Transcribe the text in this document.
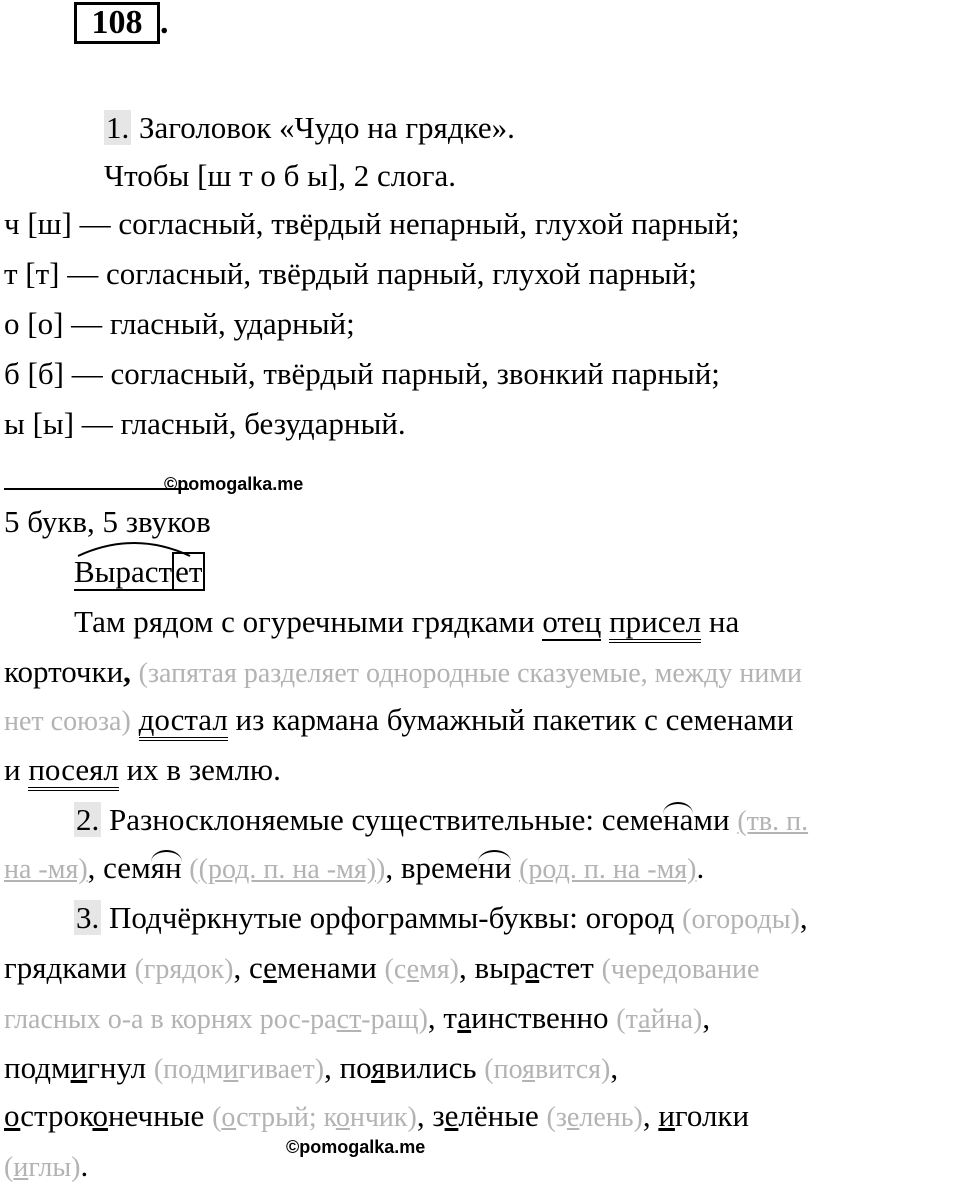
108 .
1. Заголовок «Чудо на грядке».
Чтобы [ш т о б ы], 2 слога.
ч [ш] — согласный, твёрдый непарный, глухой парный;
т [т] — согласный, твёрдый парный, глухой парный;
о [о] — гласный, ударный;
б [б] — согласный, твёрдый парный, звонкий парный;
ы [ы] — гласный, безударный.
©pomogalka.me
5 букв, 5 звуков
Вырастет
Там рядом с огуречными грядками отец присел на
корточки, (запятая разделяет однородные сказуемые, между ними
нет союза) достал из кармана бумажный пакетик с семенами
и посеял их в землю.
2. Разносклоняемые существительные: семенами (тв. п.
на -мя), семян ((род. п. на -мя)), времени (род. п. на -мя).
3. Подчёркнутые орфограммы-буквы: огород (огороды),
грядками (грядок), семенами (семя), вырастет (чередование
гласных о-а в корнях рос-раст-ращ), таинственно (тайна),
подмигнул (подмигивает), появились (появится),
остроконечные (острый; кончик), зелёные (зелень), иголки
©pomogalka.me
(иглы).
